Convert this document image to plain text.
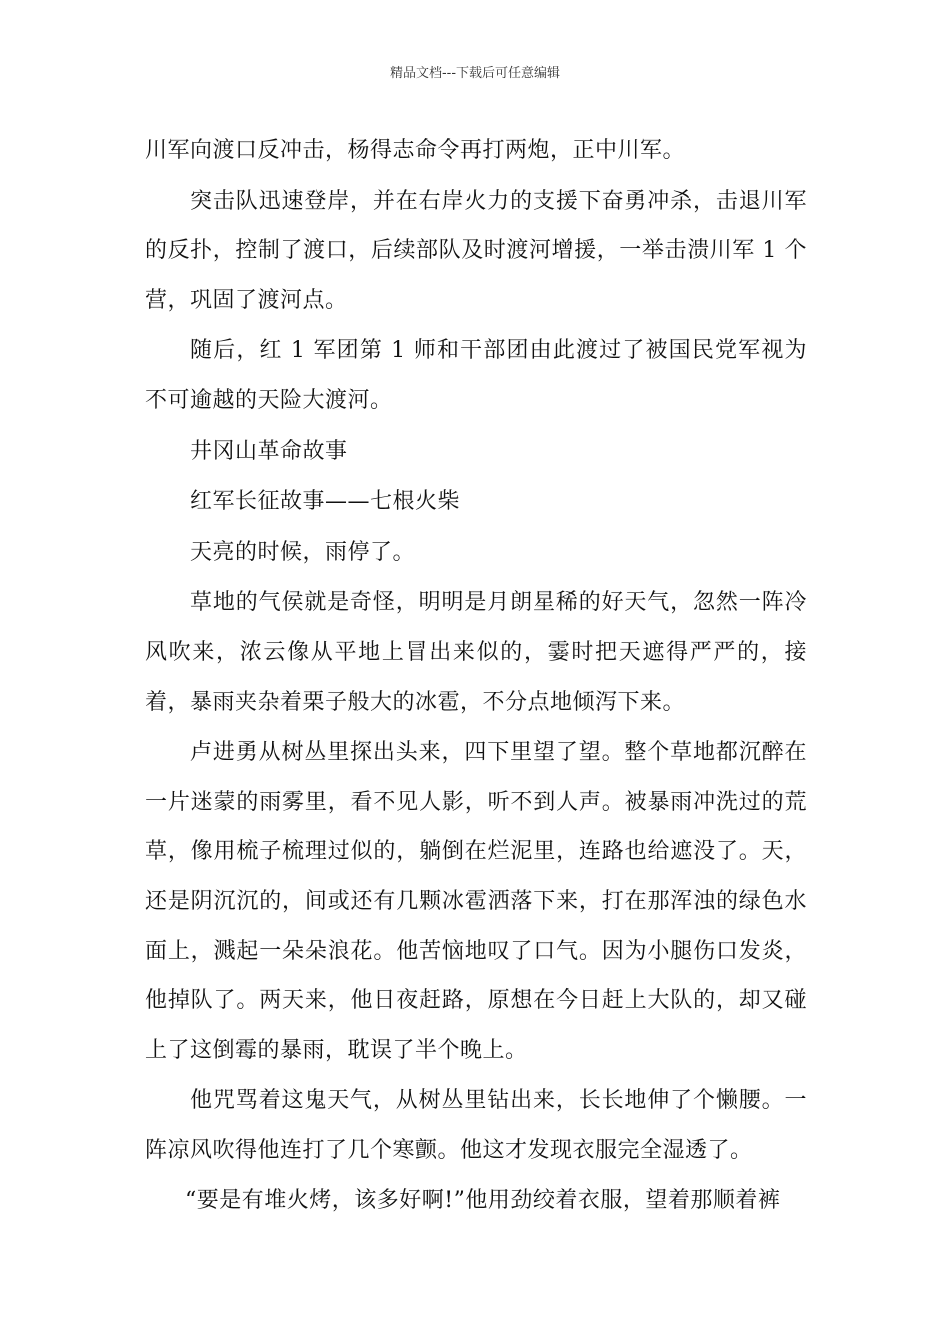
精品文档---下载后可任意编辑

川军向渡口反冲击，杨得志命令再打两炮，正中川军。

突击队迅速登岸，并在右岸火力的支援下奋勇冲杀，击退川军的反扑，控制了渡口，后续部队及时渡河增援，一举击溃川军 1 个营，巩固了渡河点。

随后，红 1 军团第 1 师和干部团由此渡过了被国民党军视为不可逾越的天险大渡河。

井冈山革命故事

红军长征故事——七根火柴

天亮的时候，雨停了。

草地的气侯就是奇怪，明明是月朗星稀的好天气，忽然一阵冷风吹来，浓云像从平地上冒出来似的，霎时把天遮得严严的，接着，暴雨夹杂着栗子般大的冰雹，不分点地倾泻下来。

卢进勇从树丛里探出头来，四下里望了望。整个草地都沉醉在一片迷蒙的雨雾里，看不见人影，听不到人声。被暴雨冲洗过的荒草，像用梳子梳理过似的，躺倒在烂泥里，连路也给遮没了。天，还是阴沉沉的，间或还有几颗冰雹洒落下来，打在那浑浊的绿色水面上，溅起一朵朵浪花。他苦恼地叹了口气。因为小腿伤口发炎，他掉队了。两天来，他日夜赶路，原想在今日赶上大队的，却又碰上了这倒霉的暴雨，耽误了半个晚上。

他咒骂着这鬼天气，从树丛里钻出来，长长地伸了个懒腰。一阵凉风吹得他连打了几个寒颤。他这才发现衣服完全湿透了。

“要是有堆火烤，该多好啊!”他用劲绞着衣服，望着那顺着裤
